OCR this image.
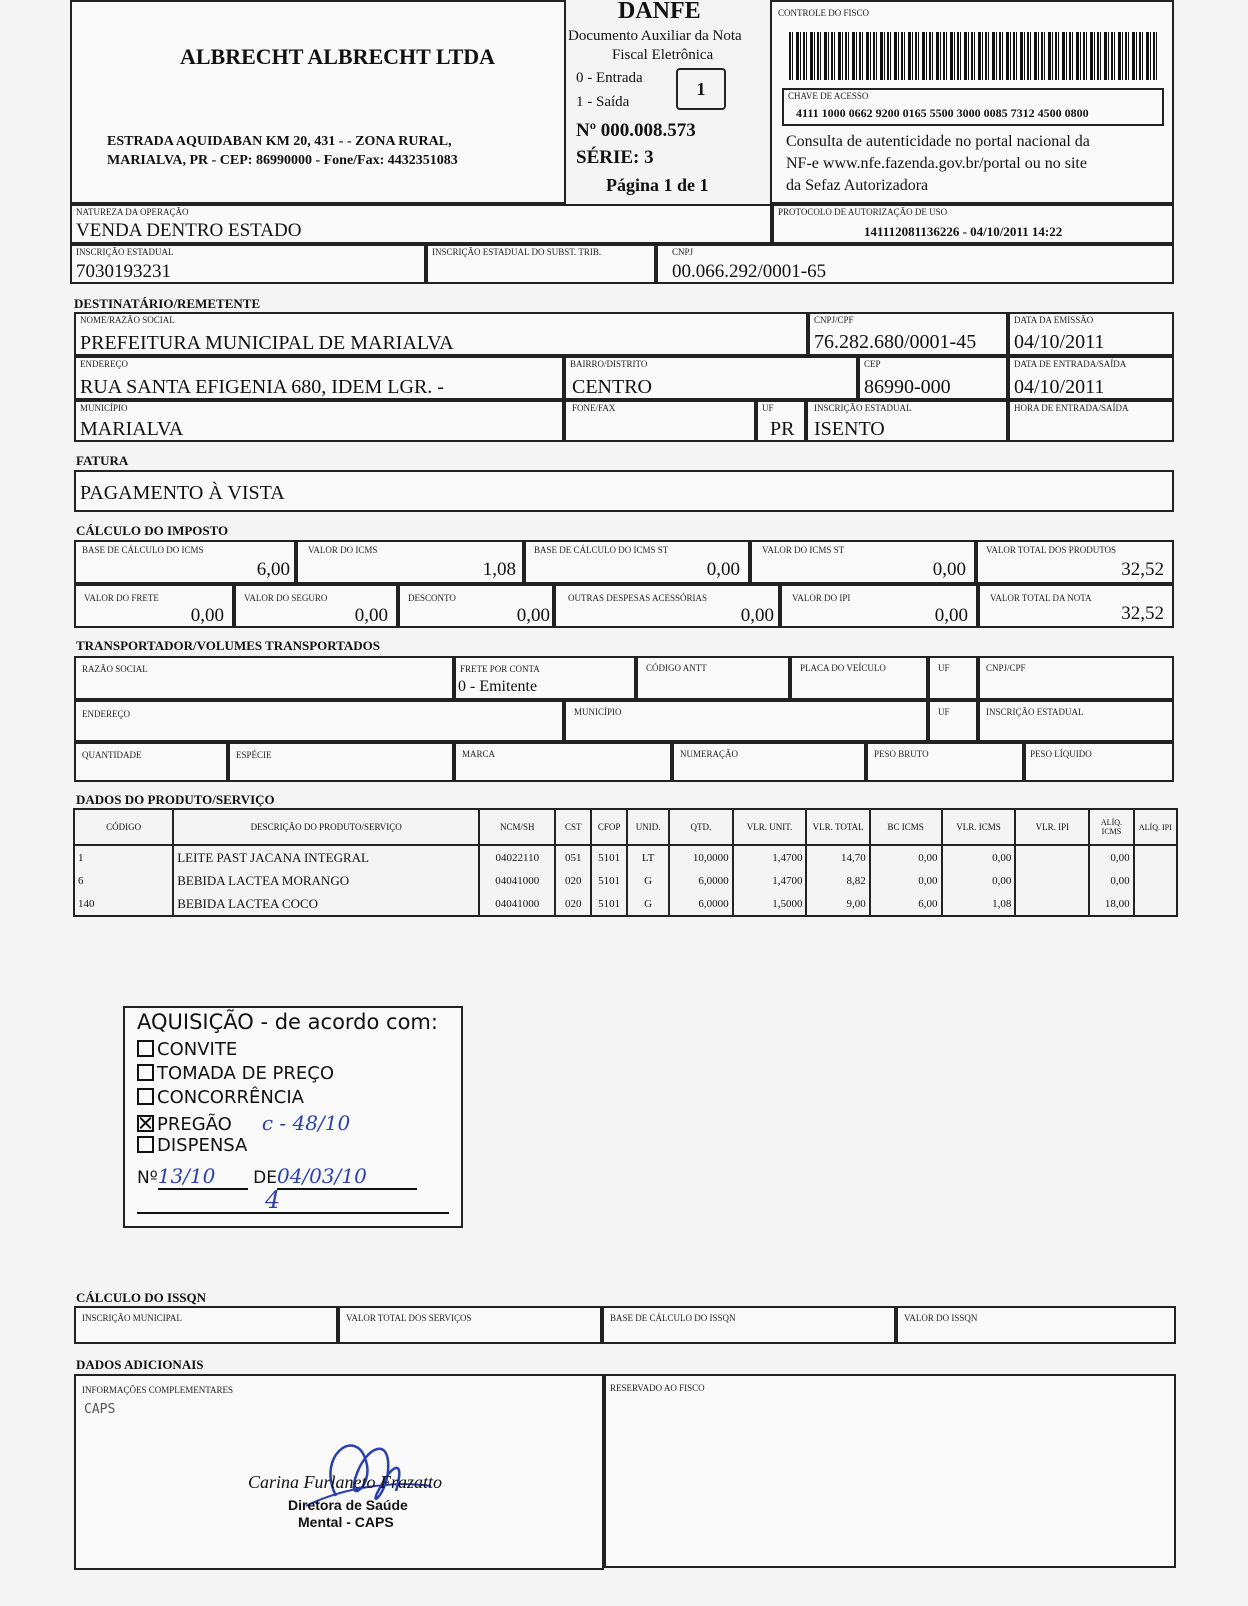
ALBRECHT ALBRECHT LTDA
ESTRADA AQUIDABAN KM 20, 431 - - ZONA RURAL,
MARIALVA, PR - CEP: 86990000 - Fone/Fax: 4432351083
DANFE
Documento Auxiliar da Nota
Fiscal Eletrônica
0 - Entrada
1 - Saída
1
Nº 000.008.573
SÉRIE: 3
Página 1 de 1
CONTROLE DO FISCO
CHAVE DE ACESSO
4111 1000 0662 9200 0165 5500 3000 0085 7312 4500 0800
Consulta de autenticidade no portal nacional da
NF-e www.nfe.fazenda.gov.br/portal ou no site
da Sefaz Autorizadora
NATUREZA DA OPERAÇÃO
VENDA DENTRO ESTADO
PROTOCOLO DE AUTORIZAÇÃO DE USO
141112081136226 - 04/10/2011 14:22
INSCRIÇÃO ESTADUAL
7030193231
INSCRIÇÃO ESTADUAL DO SUBST. TRIB.	CNPJ
00.066.292/0001-65
DESTINATÁRIO/REMETENTE
NOME/RAZÃO SOCIAL
PREFEITURA MUNICIPAL DE MARIALVA
CNPJ/CPF
76.282.680/0001-45
DATA DA EMISSÃO
04/10/2011
ENDEREÇO
RUA SANTA EFIGENIA 680, IDEM LGR. -
BAIRRO/DISTRITO
CENTRO
CEP
86990-000
DATA DE ENTRADA/SAÍDA
04/10/2011
MUNICÍPIO
MARIALVA
FONE/FAX	UF
PR
INSCRIÇÃO ESTADUAL
ISENTO
HORA DE ENTRADA/SAÍDA
FATURA
PAGAMENTO À VISTA
CÁLCULO DO IMPOSTO
BASE DE CÁLCULO DO ICMS
6,00
VALOR DO ICMS
1,08
BASE DE CÁLCULO DO ICMS ST
0,00
VALOR DO ICMS ST
0,00
VALOR TOTAL DOS PRODUTOS
32,52
VALOR DO FRETE
0,00
VALOR DO SEGURO
0,00
DESCONTO
0,00
OUTRAS DESPESAS ACESSÓRIAS
0,00
VALOR DO IPI
0,00
VALOR TOTAL DA NOTA
32,52
TRANSPORTADOR/VOLUMES TRANSPORTADOS
RAZÃO SOCIAL	FRETE POR CONTA
0 - Emitente
CÓDIGO ANTT	PLACA DO VEÍCULO	UF	CNPJ/CPF
ENDEREÇO	MUNICÍPIO	UF	INSCRIÇÃO ESTADUAL
QUANTIDADE	ESPÉCIE	MARCA	NUMERAÇÃO	PESO BRUTO	PESO LÍQUIDO
DADOS DO PRODUTO/SERVIÇO
CÓDIGO	DESCRIÇÃO DO PRODUTO/SERVIÇO	NCM/SH	CST	CFOP	UNID.	QTD.	VLR. UNIT.	VLR. TOTAL	BC ICMS	VLR. ICMS	VLR. IPI	ALÍQ. ICMS	ALÍQ. IPI
1	LEITE PAST JACANA INTEGRAL	04022110	051	5101	LT	10,0000	1,4700	14,70	0,00	0,00		0,00	
6	BEBIDA LACTEA MORANGO	04041000	020	5101	G	6,0000	1,4700	8,82	0,00	0,00		0,00	
140	BEBIDA LACTEA COCO	04041000	020	5101	G	6,0000	1,5000	9,00	6,00	1,08		18,00	
AQUISIÇÃO - de acordo com:
CONVITE
TOMADA DE PREÇO
CONCORRÊNCIA
PREGÃO c - 48/10
DISPENSA
Nº13/10 DE04/03/10
4
CÁLCULO DO ISSQN
INSCRIÇÃO MUNICIPAL	VALOR TOTAL DOS SERVIÇOS	BASE DE CÁLCULO DO ISSQN	VALOR DO ISSQN
DADOS ADICIONAIS
INFORMAÇÕES COMPLEMENTARES
CAPS
Carina Furlaneto Frazatto
Diretora de Saúde
Mental - CAPS
RESERVADO AO FISCO
